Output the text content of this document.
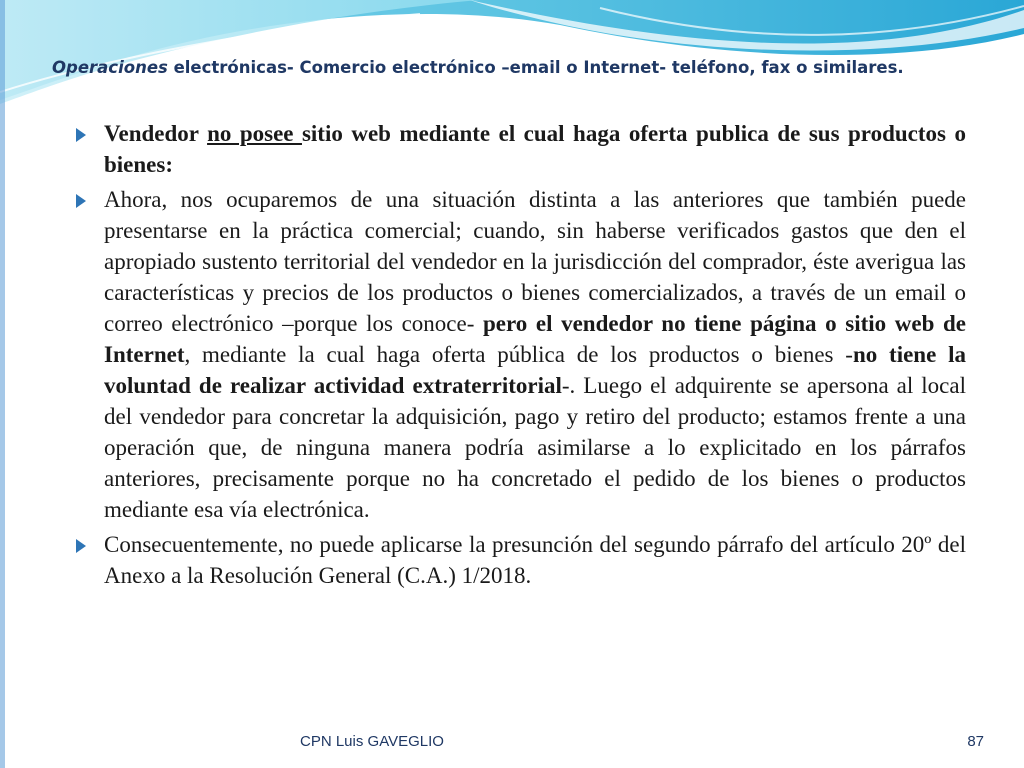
Operaciones electrónicas- Comercio electrónico –email o Internet- teléfono, fax o similares.
Vendedor no posee sitio web mediante el cual haga oferta publica de sus productos o bienes:
Ahora, nos ocuparemos de una situación distinta a las anteriores que también puede presentarse en la práctica comercial; cuando, sin haberse verificados gastos que den el apropiado sustento territorial del vendedor en la jurisdicción del comprador, éste averigua las características y precios de los productos o bienes comercializados, a través de un email o correo electrónico –porque los conoce- pero el vendedor no tiene página o sitio web de Internet, mediante la cual haga oferta pública de los productos o bienes -no tiene la voluntad de realizar actividad extraterritorial-. Luego el adquirente se apersona al local del vendedor para concretar la adquisición, pago y retiro del producto; estamos frente a una operación que, de ninguna manera podría asimilarse a lo explicitado en los párrafos anteriores, precisamente porque no ha concretado el pedido de los bienes o productos mediante esa vía electrónica.
Consecuentemente, no puede aplicarse la presunción del segundo párrafo del artículo 20º del Anexo a la Resolución General (C.A.) 1/2018.
CPN Luis GAVEGLIO	87
